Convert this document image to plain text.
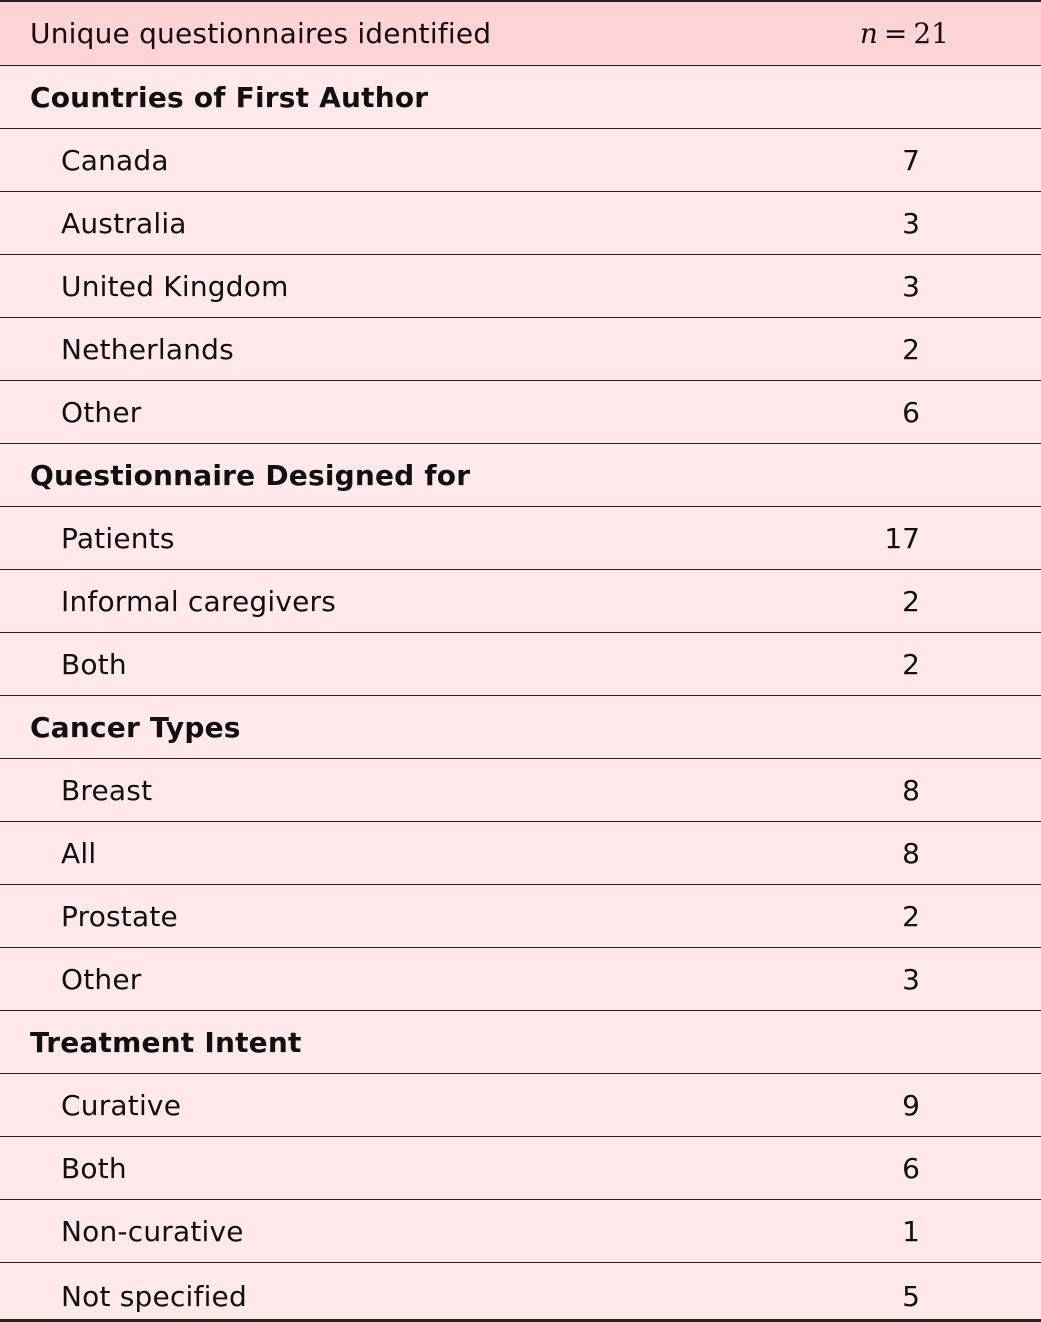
Unique questionnaires identified	n = 21
Countries of First Author
Canada	7
Australia	3
United Kingdom	3
Netherlands	2
Other	6
Questionnaire Designed for
Patients	17
Informal caregivers	2
Both	2
Cancer Types
Breast	8
All	8
Prostate	2
Other	3
Treatment Intent
Curative	9
Both	6
Non-curative	1
Not specified	5
